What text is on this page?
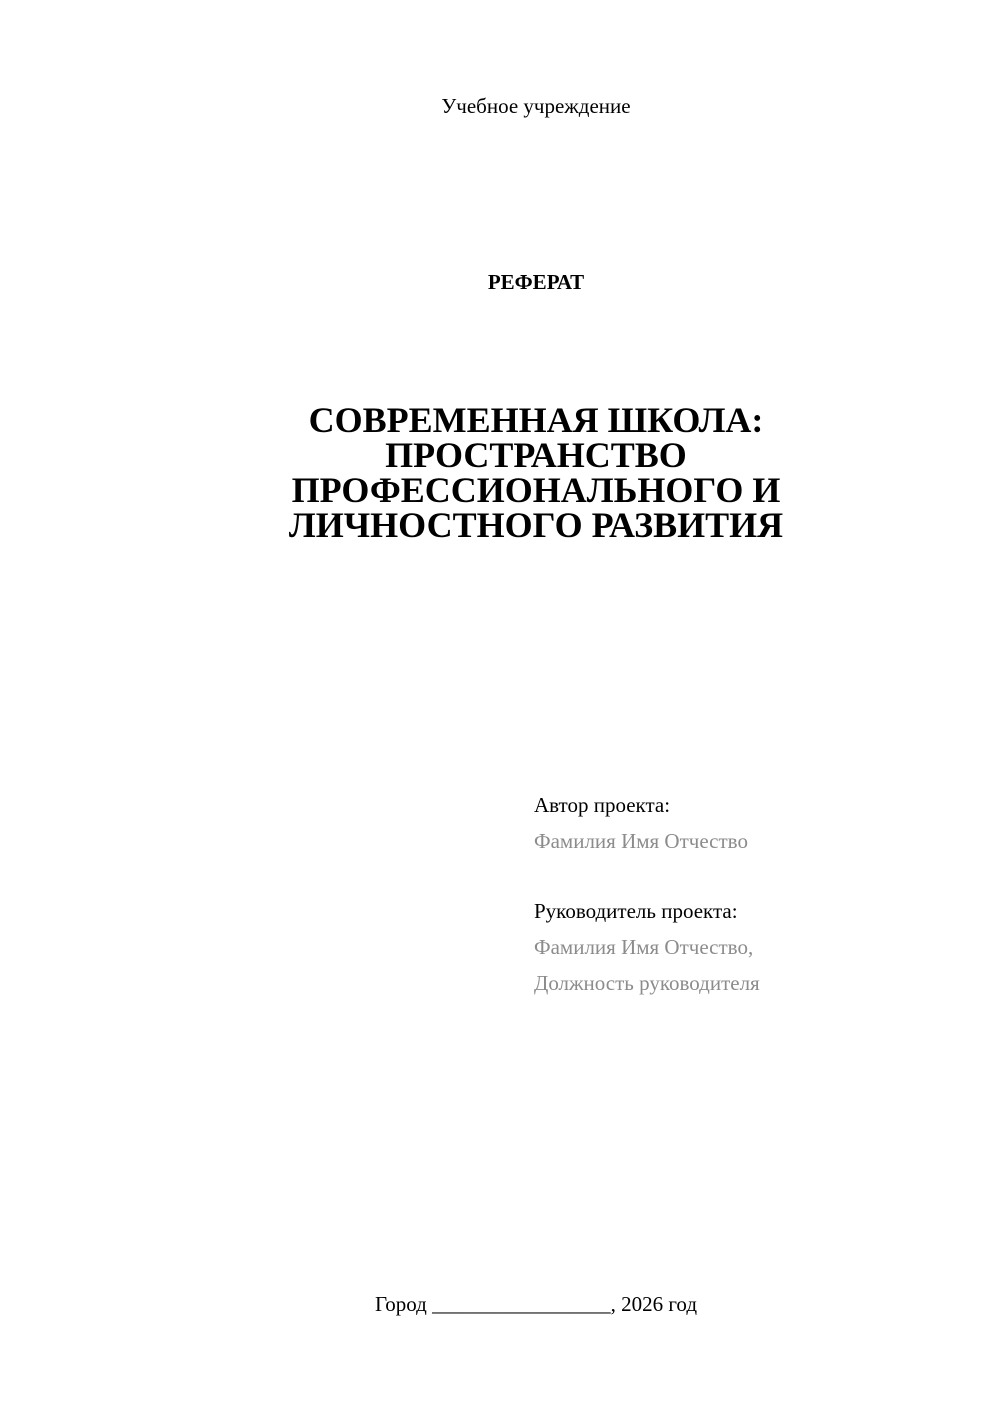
Учебное учреждение
РЕФЕРАТ
СОВРЕМЕННАЯ ШКОЛА:
ПРОСТРАНСТВО
ПРОФЕССИОНАЛЬНОГО И
ЛИЧНОСТНОГО РАЗВИТИЯ
Автор проекта:
Фамилия Имя Отчество
Руководитель проекта:
Фамилия Имя Отчество,
Должность руководителя
Город _________________, 2026 год
